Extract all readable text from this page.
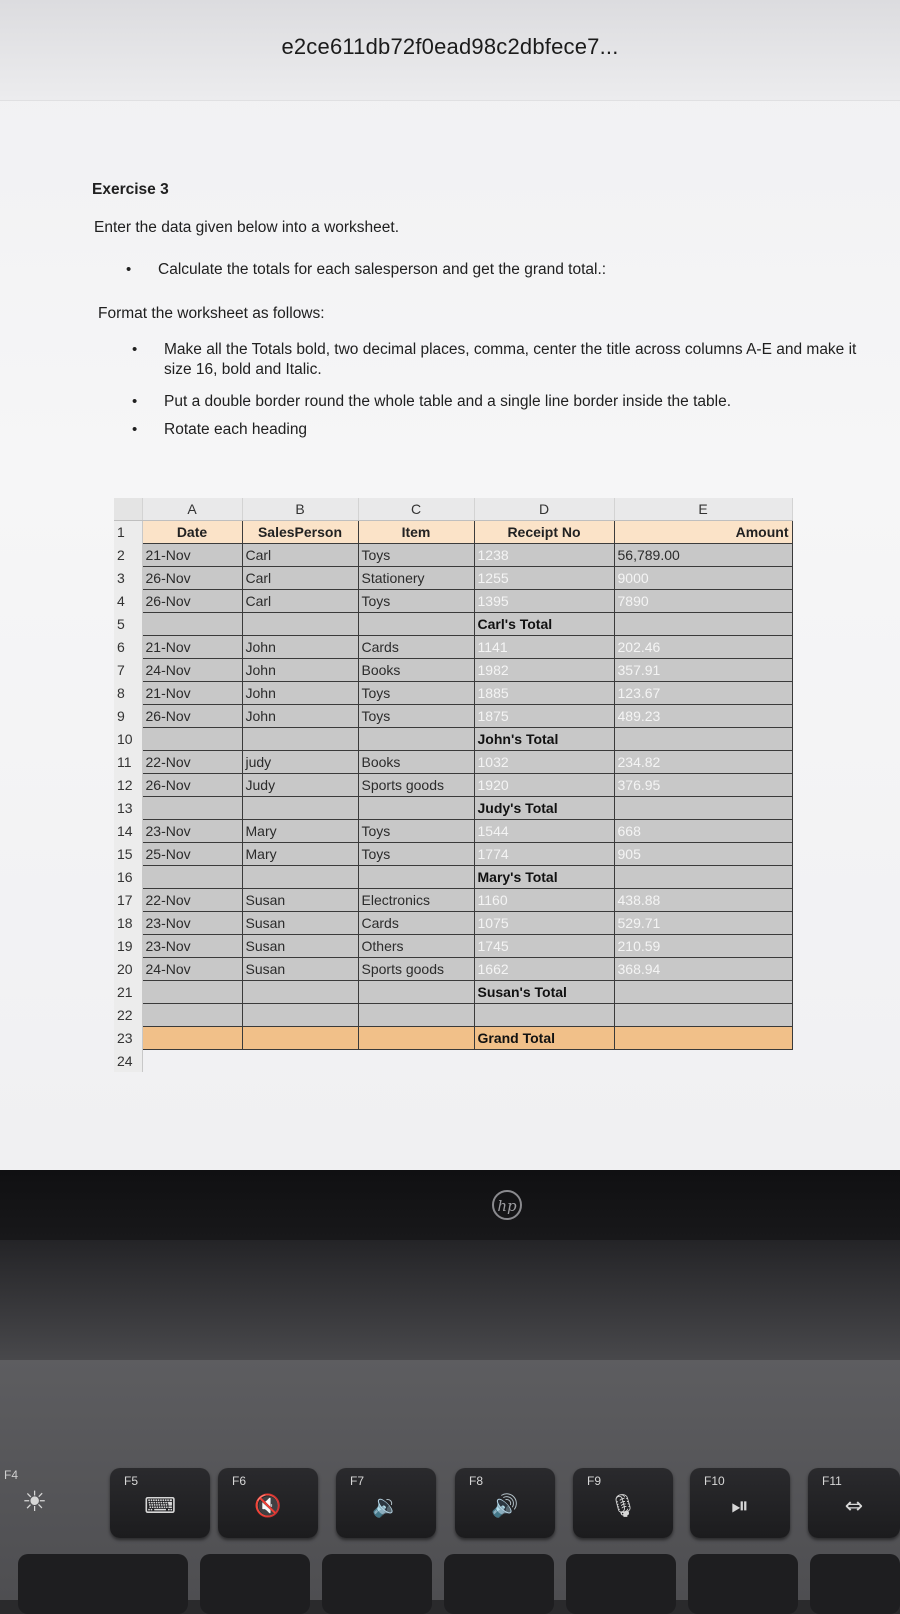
e2ce611db72f0ead98c2dbfece7...
Exercise 3
Enter the data given below into a worksheet.
•	Calculate the totals for each salesperson and get the grand total.:
Format the worksheet as follows:
•	Make all the Totals bold, two decimal places, comma, center the title across columns A-E and make it size 16, bold and Italic.
•	Put a double border round the whole table and a single line border inside the table.
•	Rotate each heading
	A	B	C	D	E
1	Date	SalesPerson	Item	Receipt No	Amount
2	21-Nov	Carl	Toys	1238	56,789.00
3	26-Nov	Carl	Stationery	1255	9000
4	26-Nov	Carl	Toys	1395	7890
5				Carl's Total	
6	21-Nov	John	Cards	1141	202.46
7	24-Nov	John	Books	1982	357.91
8	21-Nov	John	Toys	1885	123.67
9	26-Nov	John	Toys	1875	489.23
10				John's Total	
11	22-Nov	judy	Books	1032	234.82
12	26-Nov	Judy	Sports goods	1920	376.95
13				Judy's Total	
14	23-Nov	Mary	Toys	1544	668
15	25-Nov	Mary	Toys	1774	905
16				Mary's Total	
17	22-Nov	Susan	Electronics	1160	438.88
18	23-Nov	Susan	Cards	1075	529.71
19	23-Nov	Susan	Others	1745	210.59
20	24-Nov	Susan	Sports goods	1662	368.94
21				Susan's Total	
22					
23				Grand Total	
24					
hp
F4
☀
F5
⌨
F6
🔇
F7
🔉
F8
🔊
F9
🎙
F10
⏯
F11
⇔
